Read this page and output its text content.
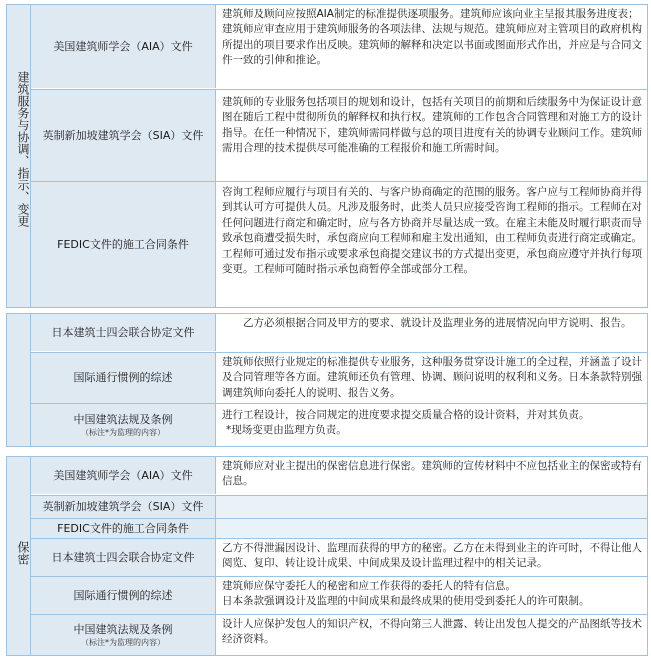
建筑服务与协调、指示、变更
美国建筑师学会（AIA）文件

建筑师及顾问应按照AIA制定的标准提供逐项服务。建筑师应该向业主呈报其服务进度表；建筑师应审查应用于建筑师服务的各项法律、法规与规范。建筑师应对主管项目的政府机构所提出的项目要求作出反映。建筑师的解释和决定以书面或图面形式作出，并应是与合同文件一致的引伸和推论。

英制新加坡建筑学会（SIA）文件

建筑师的专业服务包括项目的规划和设计，包括有关项目的前期和后续服务中为保证设计意图在随后工程中贯彻所负的解释权和执行权。建筑师的工作包含合同管理和对施工方的设计指导。在任一种情况下，建筑师需同样做与总的项目进度有关的协调专业顾问工作。建筑师需用合理的技术提供尽可能准确的工程报价和施工所需时间。

FEDIC文件的施工合同条件

咨询工程师应履行与项目有关的、与客户协商确定的范围的服务。客户应与工程师协商并得到其认可方可提供人员。凡涉及服务时，此类人员只应接受咨询工程师的指示。工程师在对任何问题进行商定和确定时，应与各方协商并尽量达成一致。在雇主未能及时履行职责而导致承包商遭受损失时，承包商应向工程师和雇主发出通知，由工程师负责进行商定或确定。工程师可通过发布指示或要求承包商提交建议书的方式提出变更，承包商应遵守并执行每项变更。工程师可随时指示承包商暂停全部或部分工程。

日本建筑士四会联合协定文件

乙方必须根据合同及甲方的要求、就设计及监理业务的进展情况向甲方说明、报告。

国际通行惯例的综述

建筑师依照行业规定的标准提供专业服务，这种服务贯穿设计施工的全过程，并涵盖了设计及合同管理等各方面。建筑师还负有管理、协调、顾问说明的权利和义务。日本条款特别强调建筑师向委托人的说明、报告义务。

中国建筑法规及条例
（标注*为监理的内容）

进行工程设计，按合同规定的进度要求提交质量合格的设计资料，并对其负责。

*现场变更由监理方负责。

保密
美国建筑师学会（AIA）文件

建筑师应对业主提出的保密信息进行保密。建筑师的宣传材料中不应包括业主的保密或特有信息。

英制新加坡建筑学会（SIA）文件
FEDIC文件的施工合同条件
日本建筑士四会联合协定文件

乙方不得泄漏因设计、监理而获得的甲方的秘密。乙方在未得到业主的许可时，不得让他人阅览、复印、转让设计成果、中间成果及设计监理过程中的相关记录。

国际通行惯例的综述

建筑师应保守委托人的秘密和应工作获得的委托人的特有信息。

日本条款强调设计及监理的中间成果和最终成果的使用受到委托人的许可限制。

中国建筑法规及条例
（标注*为监理的内容）

设计人应保护发包人的知识产权，不得向第三人泄露、转让出发包人提交的产品图纸等技术经济资料。
